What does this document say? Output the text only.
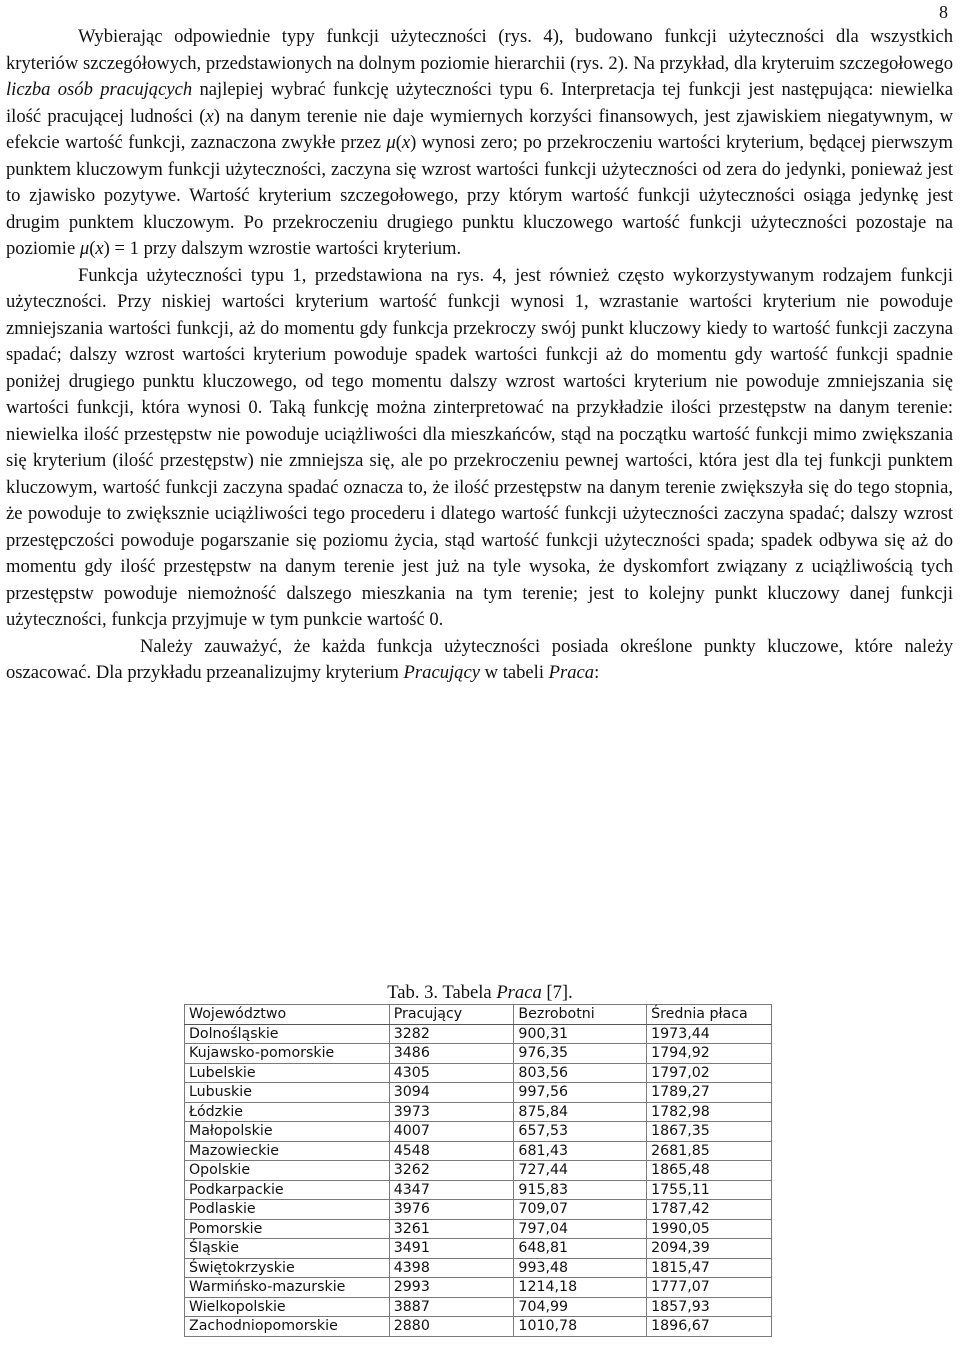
8

Wybierając odpowiednie typy funkcji użyteczności (rys. 4), budowano funkcji użyteczności dla wszystkich kryteriów szczegółowych, przedstawionych na dolnym poziomie hierarchii (rys. 2). Na przykład, dla kryteruim szczegołowego liczba osób pracujących najlepiej wybrać funkcję użyteczności typu 6. Interpretacja tej funkcji jest następująca: niewielka ilość pracującej ludności (x) na danym terenie nie daje wymiernych korzyści finansowych, jest zjawiskiem niegatywnym, w efekcie wartość funkcji, zaznaczona zwykłe przez μ(x) wynosi zero; po przekroczeniu wartości kryterium, będącej pierwszym punktem kluczowym funkcji użyteczności, zaczyna się wzrost wartości funkcji użyteczności od zera do jedynki, ponieważ jest to zjawisko pozytywe. Wartość kryterium szczegołowego, przy którym wartość funkcji użyteczności osiąga jedynkę jest drugim punktem kluczowym. Po przekroczeniu drugiego punktu kluczowego wartość funkcji użyteczności pozostaje na poziomie μ(x) = 1 przy dalszym wzrostie wartości kryterium.

Funkcja użyteczności typu 1, przedstawiona na rys. 4, jest również często wykorzystywanym rodzajem funkcji użyteczności. Przy niskiej wartości kryterium wartość funkcji wynosi 1, wzrastanie wartości kryterium nie powoduje zmniejszania wartości funkcji, aż do momentu gdy funkcja przekroczy swój punkt kluczowy kiedy to wartość funkcji zaczyna spadać; dalszy wzrost wartości kryterium powoduje spadek wartości funkcji aż do momentu gdy wartość funkcji spadnie poniżej drugiego punktu kluczowego, od tego momentu dalszy wzrost wartości kryterium nie powoduje zmniejszania się wartości funkcji, która wynosi 0. Taką funkcję można zinterpretować na przykładzie ilości przestępstw na danym terenie: niewielka ilość przestępstw nie powoduje uciążliwości dla mieszkańców, stąd na początku wartość funkcji mimo zwiększania się kryterium (ilość przestępstw) nie zmniejsza się, ale po przekroczeniu pewnej wartości, która jest dla tej funkcji punktem kluczowym, wartość funkcji zaczyna spadać oznacza to, że ilość przestępstw na danym terenie zwiększyła się do tego stopnia, że powoduje to zwiększnie uciążliwości tego procederu i dlatego wartość funkcji użyteczności zaczyna spadać; dalszy wzrost przestępczości powoduje pogarszanie się poziomu życia, stąd wartość funkcji użyteczności spada; spadek odbywa się aż do momentu gdy ilość przestępstw na danym terenie jest już na tyle wysoka, że dyskomfort związany z uciążliwością tych przestępstw powoduje niemożność dalszego mieszkania na tym terenie; jest to kolejny punkt kluczowy danej funkcji użyteczności, funkcja przyjmuje w tym punkcie wartość 0.

Należy zauważyć, że każda funkcja użyteczności posiada określone punkty kluczowe, które należy oszacować. Dla przykładu przeanalizujmy kryterium Pracujący w tabeli Praca:

Tab. 3. Tabela Praca [7].
Województwo	Pracujący	Bezrobotni	Średnia płaca
Dolnośląskie	3282	900,31	1973,44
Kujawsko-pomorskie	3486	976,35	1794,92
Lubelskie	4305	803,56	1797,02
Lubuskie	3094	997,56	1789,27
Łódzkie	3973	875,84	1782,98
Małopolskie	4007	657,53	1867,35
Mazowieckie	4548	681,43	2681,85
Opolskie	3262	727,44	1865,48
Podkarpackie	4347	915,83	1755,11
Podlaskie	3976	709,07	1787,42
Pomorskie	3261	797,04	1990,05
Śląskie	3491	648,81	2094,39
Świętokrzyskie	4398	993,48	1815,47
Warmińsko-mazurskie	2993	1214,18	1777,07
Wielkopolskie	3887	704,99	1857,93
Zachodniopomorskie	2880	1010,78	1896,67
